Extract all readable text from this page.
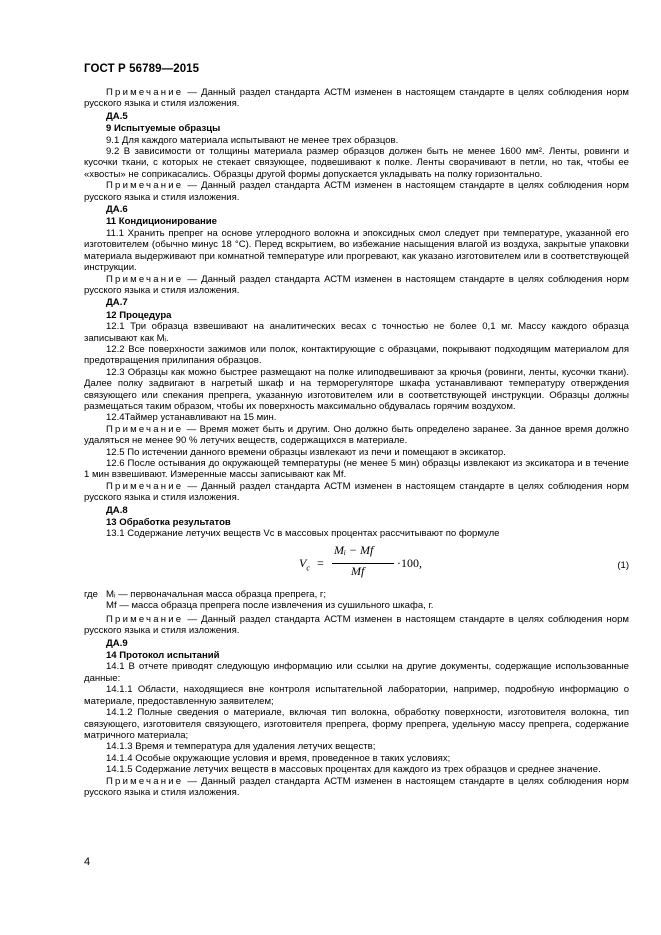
ГОСТ Р 56789—2015

Примечание — Данный раздел стандарта АСТМ изменен в настоящем стандарте в целях соблюдения норм русского языка и стиля изложения.

ДА.5

9 Испытуемые образцы

9.1 Для каждого материала испытывают не менее трех образцов.

9.2 В зависимости от толщины материала размер образцов должен быть не менее 1600 мм². Ленты, ровинги и кусочки ткани, с которых не стекает связующее, подвешивают к полке. Ленты сворачивают в петли, но так, чтобы ее «хвосты» не соприкасались. Образцы другой формы допускается укладывать на полку горизонтально.

Примечание — Данный раздел стандарта АСТМ изменен в настоящем стандарте в целях соблюдения норм русского языка и стиля изложения.

ДА.6

11 Кондиционирование

11.1 Хранить препрег на основе углеродного волокна и эпоксидных смол следует при температуре, указанной его изготовителем (обычно минус 18 °С). Перед вскрытием, во избежание насыщения влагой из воздуха, закрытые упаковки материала выдерживают при комнатной температуре или прогревают, как указано изготовителем или в соответствующей инструкции.

Примечание — Данный раздел стандарта АСТМ изменен в настоящем стандарте в целях соблюдения норм русского языка и стиля изложения.

ДА.7

12 Процедура

12.1 Три образца взвешивают на аналитических весах с точностью не более 0,1 мг. Массу каждого образца записывают как Mᵢ.

12.2 Все поверхности зажимов или полок, контактирующие с образцами, покрывают подходящим материалом для предотвращения прилипания образцов.

12.3 Образцы как можно быстрее размещают на полке илиподвешивают за крючья (ровинги, ленты, кусочки ткани). Далее полку задвигают в нагретый шкаф и на терморегуляторе шкафа устанавливают температуру отверждения связующего или спекания препрега, указанную изготовителем или в соответствующей инструкции. Образцы должны размещаться таким образом, чтобы их поверхность максимально обдувалась горячим воздухом.

12.4Таймер устанавливают на 15 мин.

Примечание — Время может быть и другим. Оно должно быть определено заранее. За данное время должно удаляться не менее 90 % летучих веществ, содержащихся в материале.

12.5 По истечении данного времени образцы извлекают из печи и помещают в эксикатор.

12.6 После остывания до окружающей температуры (не менее 5 мин) образцы извлекают из эксикатора и в течение 1 мин взвешивают. Измеренные массы записывают как Mf.

Примечание — Данный раздел стандарта АСТМ изменен в настоящем стандарте в целях соблюдения норм русского языка и стиля изложения.

ДА.8

13 Обработка результатов

13.1 Содержание летучих веществ Vc в массовых процентах рассчитывают по формуле

$V_c$ =
Mᵢ − Mf
Mf
·100,	(1)
где Mᵢ — первоначальная масса образца препрега, г;
Mf — масса образца препрега после извлечения из сушильного шкафа, г.

Примечание — Данный раздел стандарта АСТМ изменен в настоящем стандарте в целях соблюдения норм русского языка и стиля изложения.

ДА.9

14 Протокол испытаний

14.1 В отчете приводят следующую информацию или ссылки на другие документы, содержащие использованные данные:

14.1.1 Области, находящиеся вне контроля испытательной лаборатории, например, подробную информацию о материале, предоставленную заявителем;

14.1.2 Полные сведения о материале, включая тип волокна, обработку поверхности, изготовителя волокна, тип связующего, изготовителя связующего, изготовителя препрега, форму препрега, удельную массу препрега, содержание матричного материала;

14.1.3 Время и температура для удаления летучих веществ;

14.1.4 Особые окружающие условия и время, проведенное в таких условиях;

14.1.5 Содержание летучих веществ в массовых процентах для каждого из трех образцов и среднее значение.

Примечание — Данный раздел стандарта АСТМ изменен в настоящем стандарте в целях соблюдения норм русского языка и стиля изложения.

4
